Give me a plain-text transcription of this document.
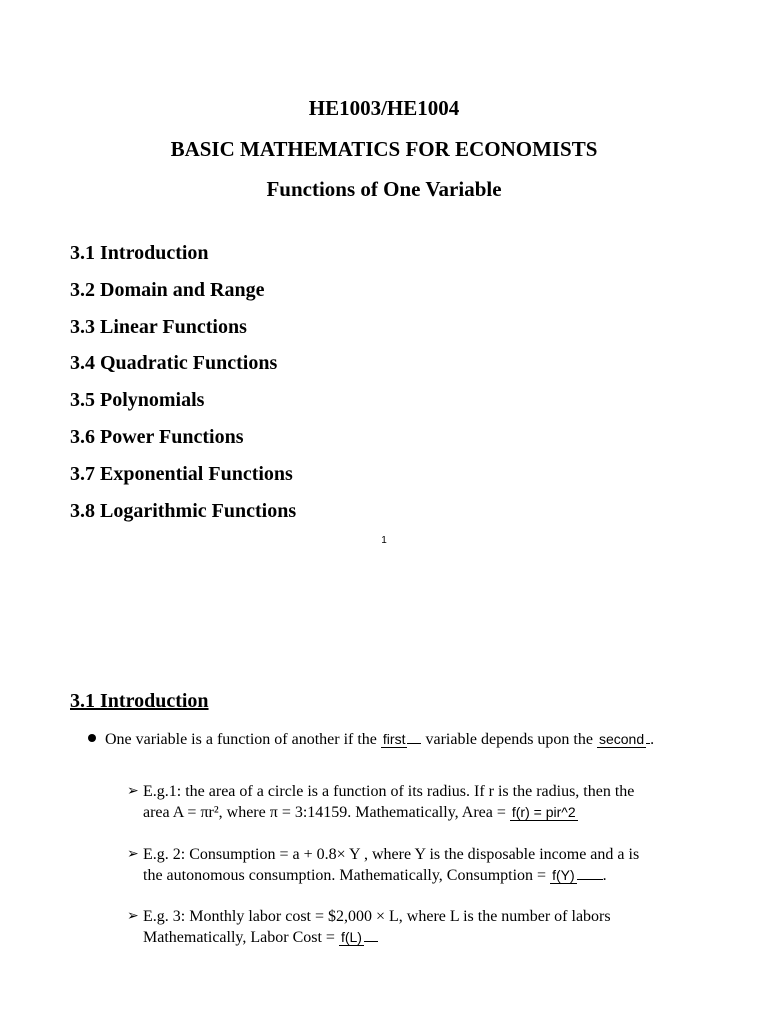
HE1003/HE1004
BASIC MATHEMATICS FOR ECONOMISTS
Functions of One Variable
3.1 Introduction
3.2 Domain and Range
3.3 Linear Functions
3.4 Quadratic Functions
3.5 Polynomials
3.6 Power Functions
3.7 Exponential Functions
3.8 Logarithmic Functions
1
3.1 Introduction
One variable is a function of another if the first variable depends upon the second .
➢ E.g.1: the area of a circle is a function of its radius. If r is the radius, then the
area A = πr², where π = 3:14159. Mathematically, Area = f(r) = pir^2
➢ E.g. 2: Consumption = a + 0.8× Y , where Y is the disposable income and a is
the autonomous consumption. Mathematically, Consumption = f(Y) .
➢ E.g. 3: Monthly labor cost = $2,000 × L, where L is the number of labors
Mathematically, Labor Cost = f(L)
